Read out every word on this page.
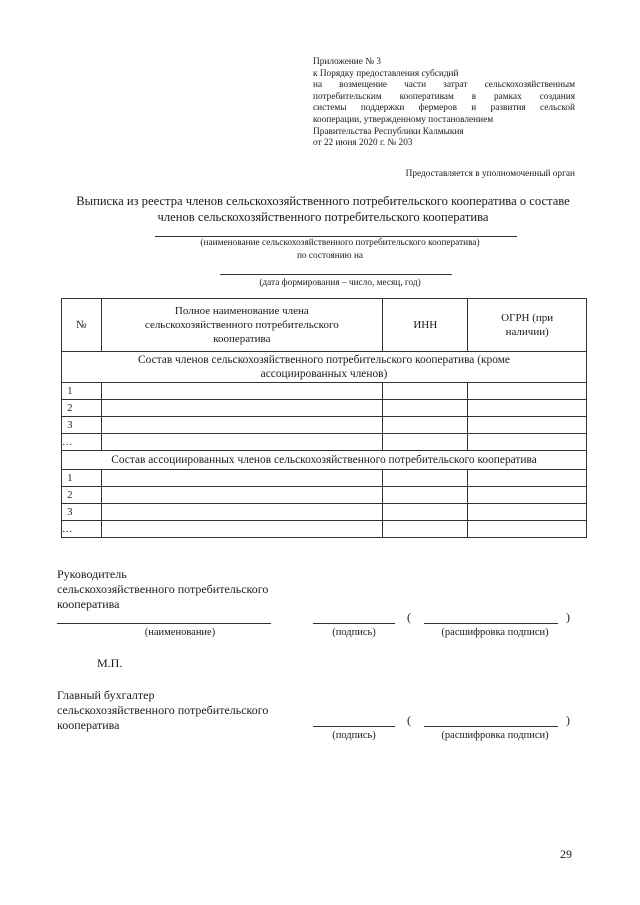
Приложение № 3
к Порядку предоставления субсидий
на возмещение части затрат сельскохозяйственным
потребительским кооперативам в рамках создания
системы поддержки фермеров и развития сельской
кооперации, утвержденному постановлением
Правительства Республики Калмыкия
от 22 июня 2020 г. № 203
Предоставляется в уполномоченный орган
Выписка из реестра членов сельскохозяйственного потребительского кооператива о составе
членов сельскохозяйственного потребительского кооператива
(наименование сельскохозяйственного потребительского кооператива)
по состоянию на
(дата формирования – число, месяц, год)
№	Полное наименование члена сельскохозяйственного потребительского кооператива	ИНН	ОГРН (при наличии)
Состав членов сельскохозяйственного потребительского кооператива (кроме ассоциированных членов)			
1			
2			
3			
…			
Состав ассоциированных членов сельскохозяйственного потребительского кооператива			
1			
2			
3			
…			
Руководитель
сельскохозяйственного потребительского
кооператива
(	)
(наименование)	(подпись)	(расшифровка подписи)
М.П.
Главный бухгалтер
сельскохозяйственного потребительского
кооператива	(	)
(подпись)	(расшифровка подписи)
29
